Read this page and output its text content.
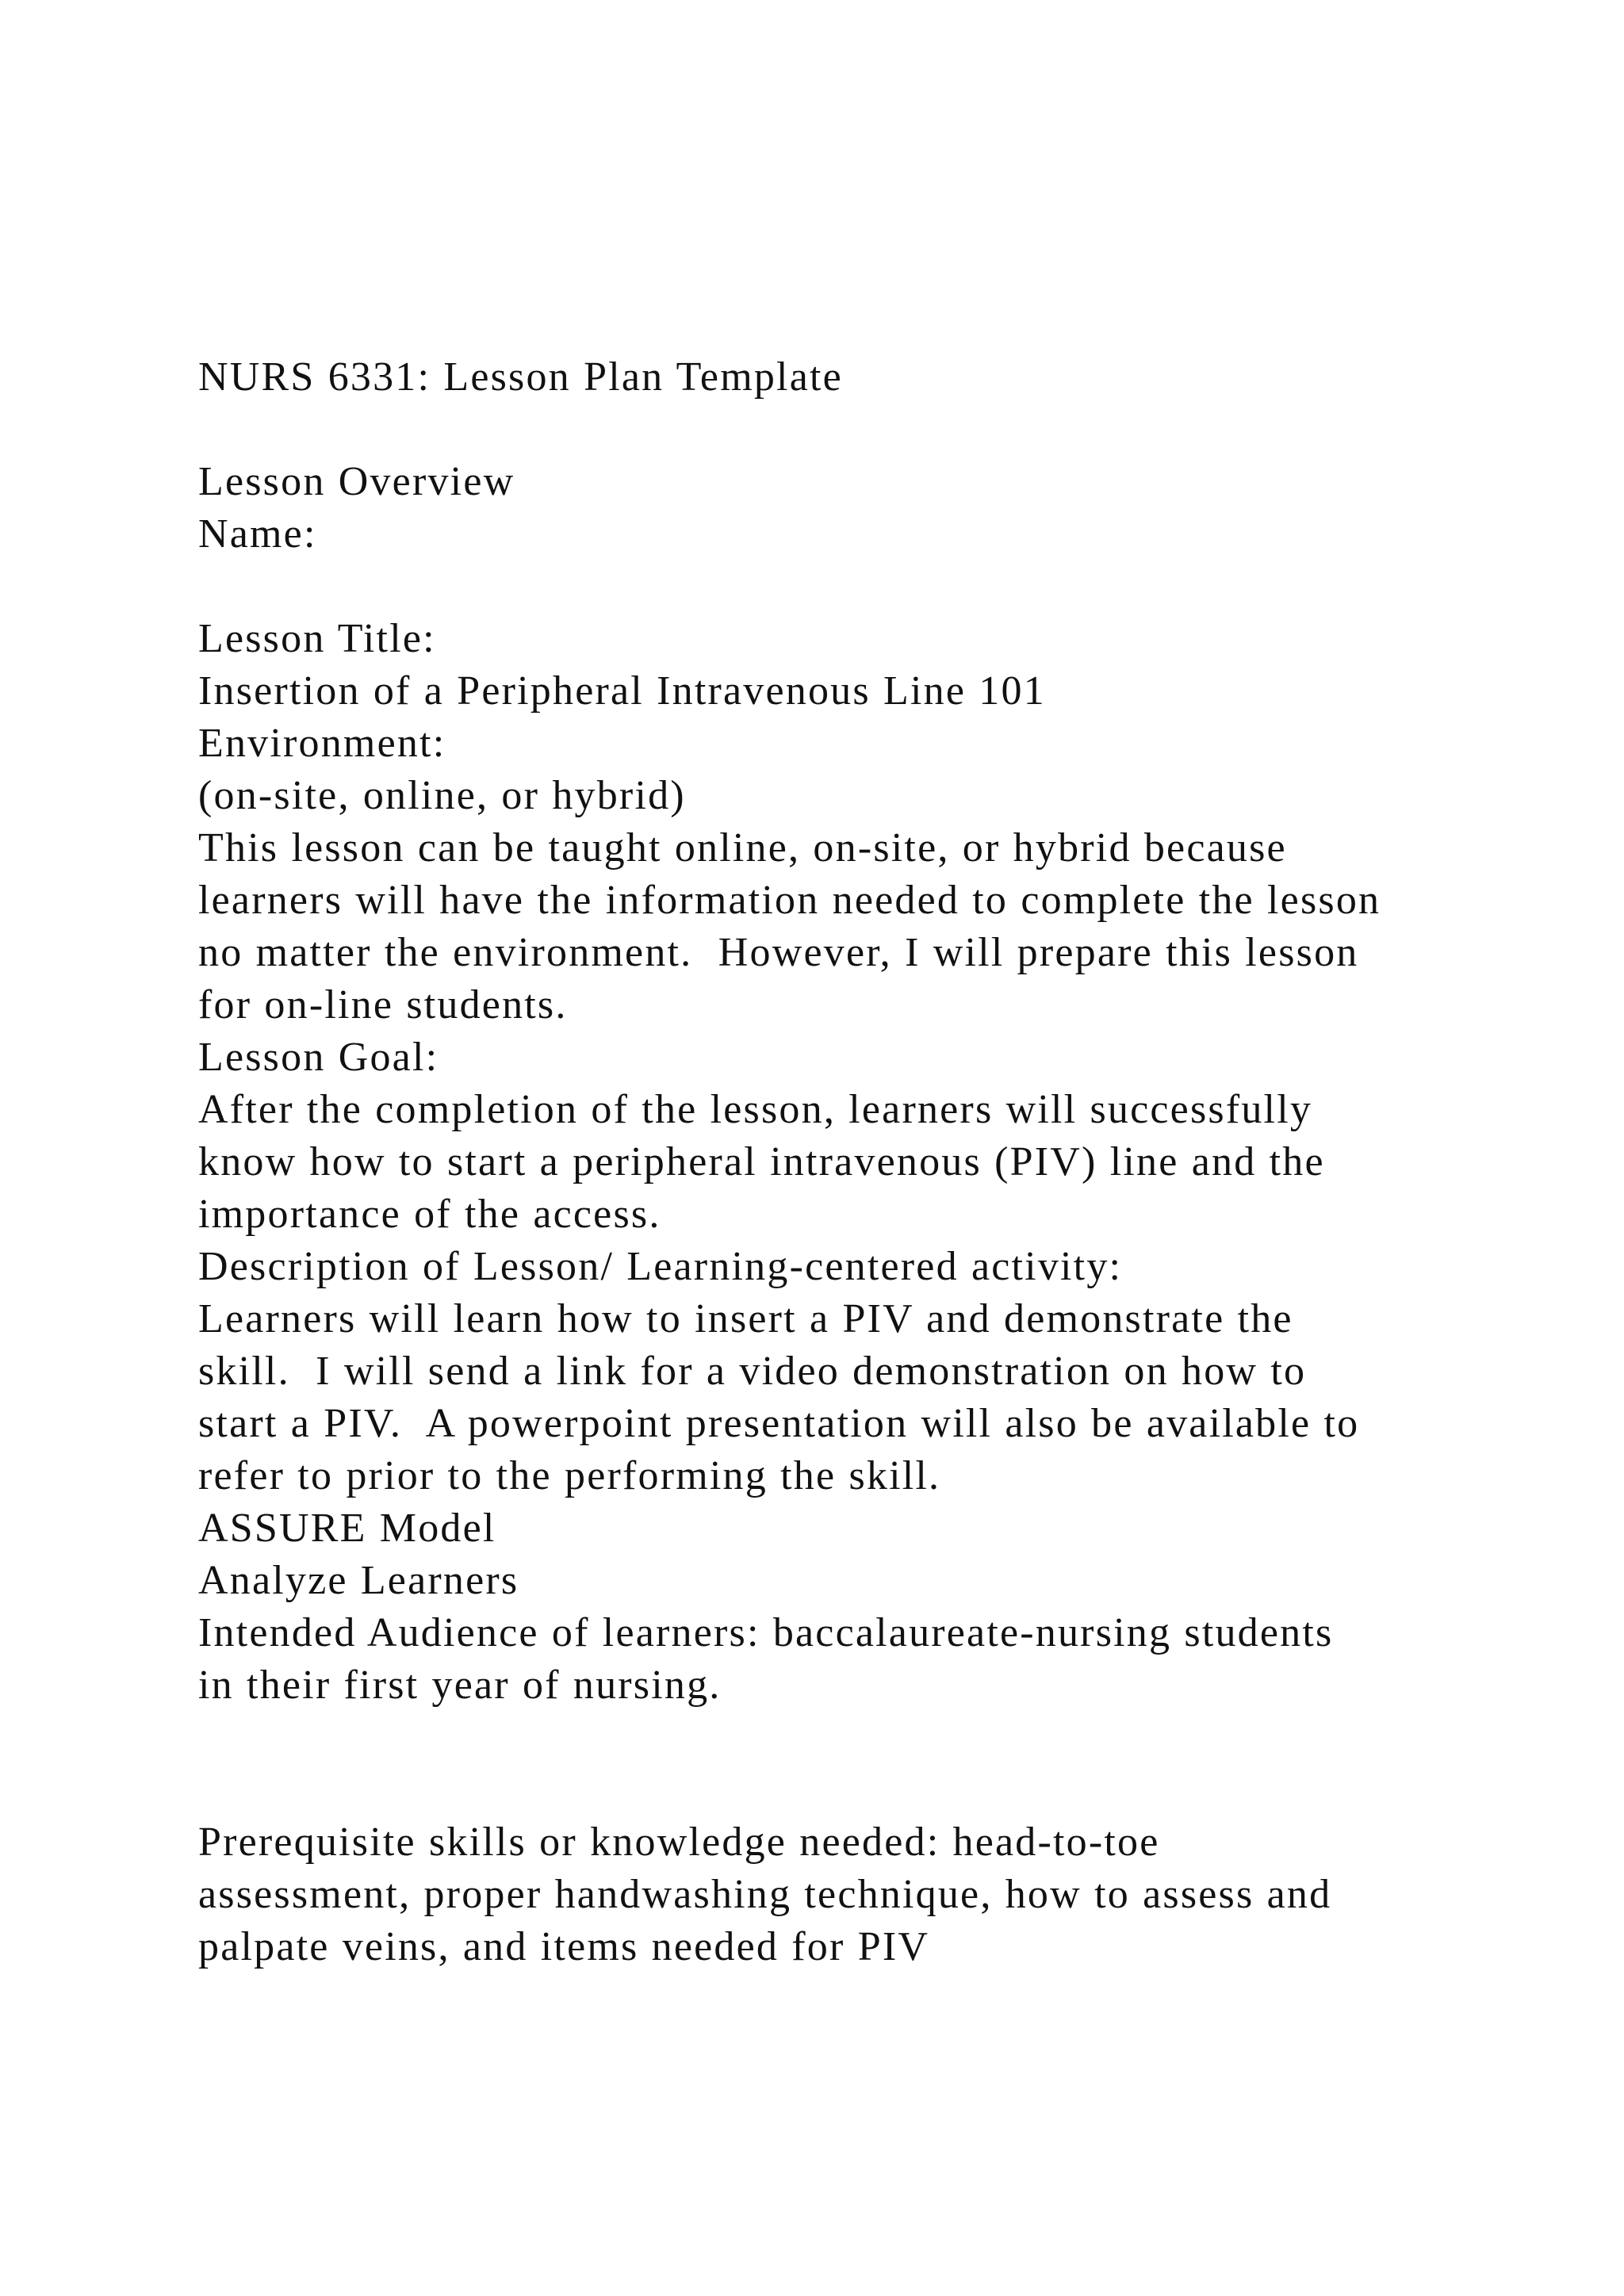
NURS 6331: Lesson Plan Template
Lesson Overview
Name:
Lesson Title:
Insertion of a Peripheral Intravenous Line 101
Environment:
(on-site, online, or hybrid)
This lesson can be taught online, on-site, or hybrid because
learners will have the information needed to complete the lesson
no matter the environment.  However, I will prepare this lesson
for on-line students.
Lesson Goal:
After the completion of the lesson, learners will successfully
know how to start a peripheral intravenous (PIV) line and the
importance of the access.
Description of Lesson/ Learning-centered activity:
Learners will learn how to insert a PIV and demonstrate the
skill.  I will send a link for a video demonstration on how to
start a PIV.  A powerpoint presentation will also be available to
refer to prior to the performing the skill.
ASSURE Model
Analyze Learners
Intended Audience of learners: baccalaureate-nursing students
in their first year of nursing.
Prerequisite skills or knowledge needed: head-to-toe
assessment, proper handwashing technique, how to assess and
palpate veins, and items needed for PIV
